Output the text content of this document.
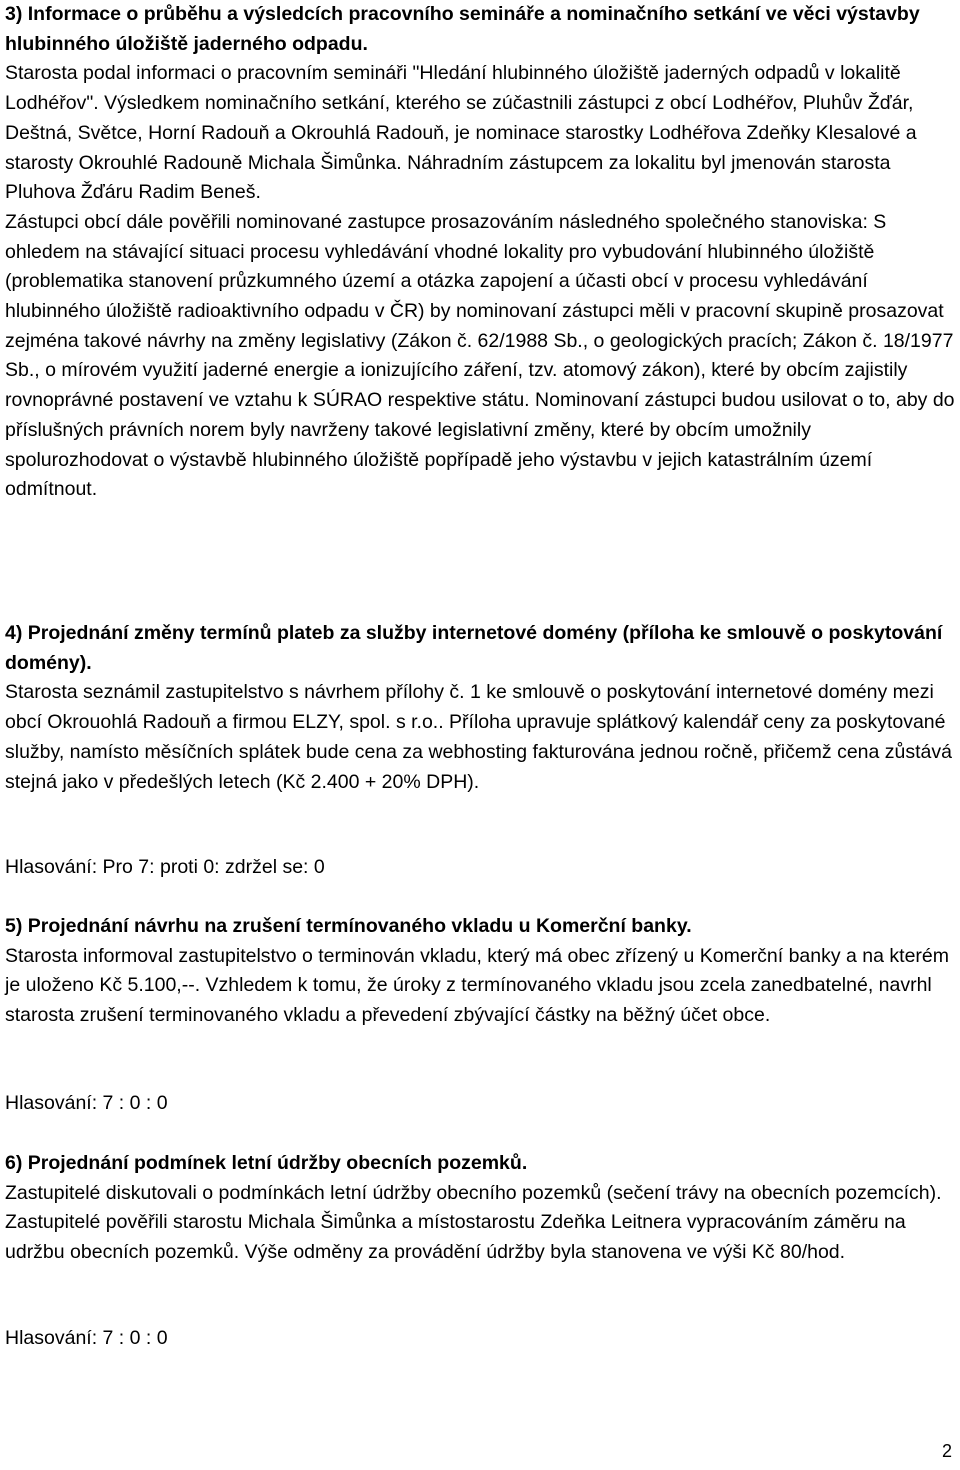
3) Informace o průběhu a výsledcích pracovního semináře a nominačního setkání ve věci výstavby hlubinného úložiště jaderného odpadu.

Starosta podal informaci o pracovním semináři "Hledání hlubinného úložiště jaderných odpadů v lokalitě Lodhéřov". Výsledkem nominačního setkání, kterého se zúčastnili zástupci z obcí Lodhéřov, Pluhův Žďár, Deštná, Světce, Horní Radouň a Okrouhlá Radouň, je nominace starostky Lodhéřova Zdeňky Klesalové a starosty Okrouhlé Radouně Michala Šimůnka. Náhradním zástupcem za lokalitu byl jmenován starosta Pluhova Žďáru Radim Beneš.

Zástupci obcí dále pověřili nominované zastupce prosazováním následného společného stanoviska: S ohledem na stávající situaci procesu vyhledávání vhodné lokality pro vybudování hlubinného úložiště (problematika stanovení průzkumného území a otázka zapojení a účasti obcí v procesu vyhledávání hlubinného úložiště radioaktivního odpadu v ČR) by nominovaní zástupci měli v pracovní skupině prosazovat zejména takové návrhy na změny legislativy (Zákon č. 62/1988 Sb., o geologických pracích; Zákon č. 18/1977 Sb., o mírovém využití jaderné energie a ionizujícího záření, tzv. atomový zákon), které by obcím zajistily rovnoprávné postavení ve vztahu k SÚRAO respektive státu. Nominovaní zástupci budou usilovat o to, aby do příslušných právních norem byly navrženy takové legislativní změny, které by obcím umožnily spolurozhodovat o výstavbě hlubinného úložiště popřípadě jeho výstavbu v jejich katastrálním území odmítnout.

4) Projednání změny termínů plateb za služby internetové domény (příloha ke smlouvě o poskytování domény).

Starosta seznámil zastupitelstvo s návrhem přílohy č. 1 ke smlouvě o poskytování internetové domény mezi obcí Okrouohlá Radouň a firmou ELZY, spol. s r.o.. Příloha upravuje splátkový kalendář ceny za poskytované služby, namísto měsíčních splátek bude cena za webhosting fakturována jednou ročně, přičemž cena zůstává stejná jako v předešlých letech (Kč 2.400 + 20% DPH).

Hlasování: Pro 7: proti 0: zdržel se: 0

5) Projednání návrhu na zrušení termínovaného vkladu u Komerční banky.

Starosta informoval zastupitelstvo o terminován vkladu, který má obec zřízený u Komerční banky a na kterém je uloženo Kč 5.100,--. Vzhledem k tomu, že úroky z termínovaného vkladu jsou zcela zanedbatelné, navrhl starosta zrušení terminovaného vkladu a převedení zbývající částky na běžný účet obce.

Hlasování: 7 : 0 : 0

6) Projednání podmínek letní údržby obecních pozemků.

Zastupitelé diskutovali o podmínkách letní údržby obecního pozemků (sečení trávy na obecních pozemcích). Zastupitelé pověřili starostu Michala Šimůnka a místostarostu Zdeňka Leitnera vypracováním záměru na udržbu obecních pozemků. Výše odměny za provádění údržby byla stanovena ve výši Kč 80/hod.

Hlasování: 7 : 0 : 0

2
